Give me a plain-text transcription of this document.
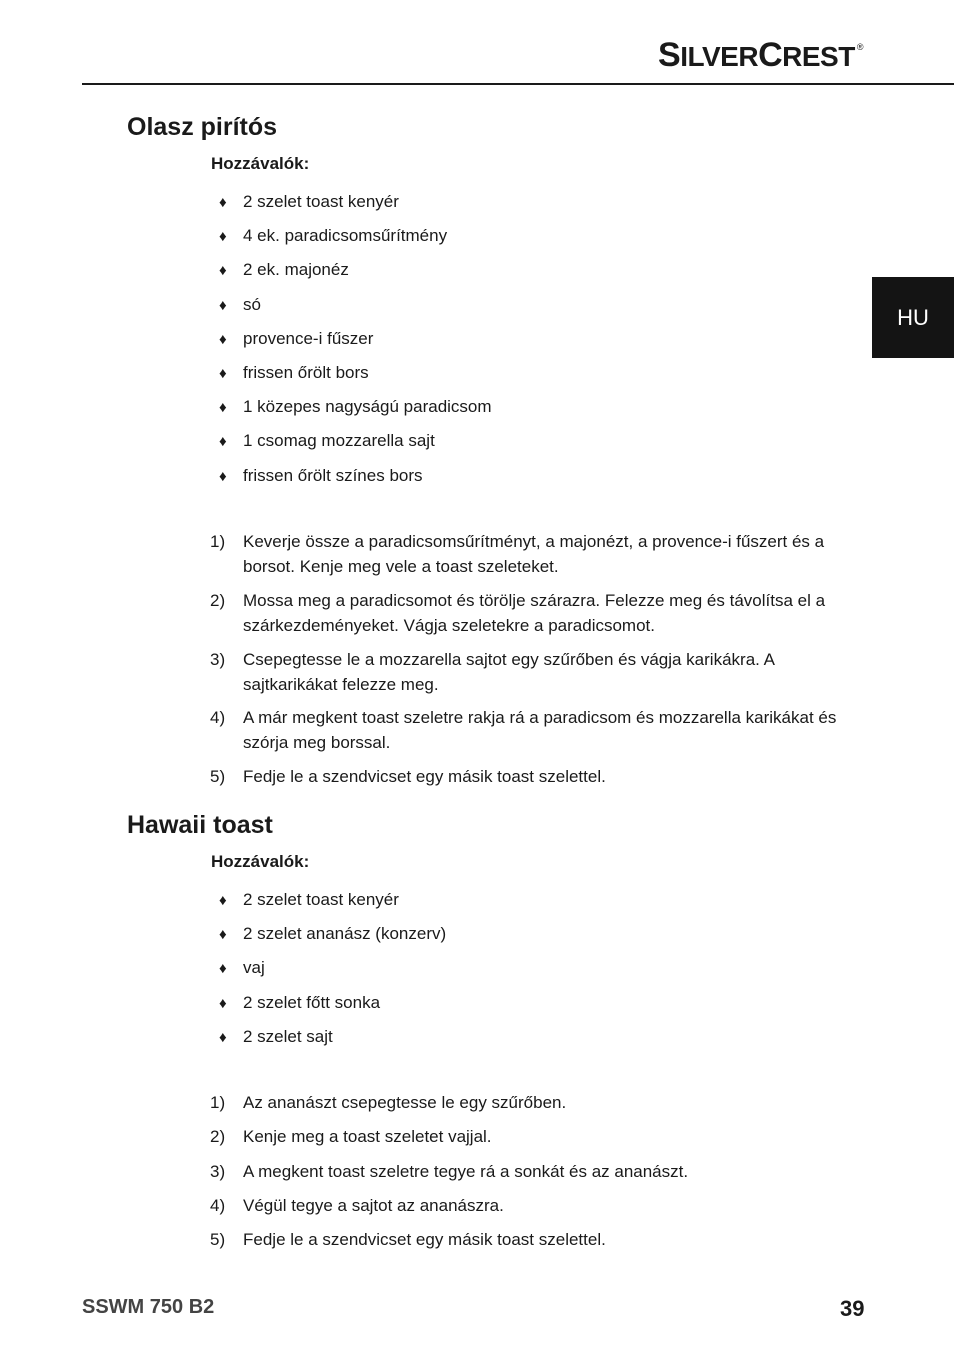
SILVERCREST ®
HU
Olasz pirítós

Hozzávalók:

♦ 2 szelet toast kenyér
♦ 4 ek. paradicsomsűrítmény
♦ 2 ek. majonéz
♦ só
♦ provence-i fűszer
♦ frissen őrölt bors
♦ 1 közepes nagyságú paradicsom
♦ 1 csomag mozzarella sajt
♦ frissen őrölt színes bors
1) Keverje össze a paradicsomsűrítményt, a majonézt, a provence-i fűszert és a borsot. Kenje meg vele a toast szeleteket.
2) Mossa meg a paradicsomot és törölje szárazra. Felezze meg és távolítsa el a szárkezdeményeket. Vágja szeletekre a paradicsomot.
3) Csepegtesse le a mozzarella sajtot egy szűrőben és vágja karikákra. A sajtkarikákat felezze meg.
4) A már megkent toast szeletre rakja rá a paradicsom és mozzarella karikákat és szórja meg borssal.
5) Fedje le a szendvicset egy másik toast szelettel.
Hawaii toast

Hozzávalók:

♦ 2 szelet toast kenyér
♦ 2 szelet ananász (konzerv)
♦ vaj
♦ 2 szelet főtt sonka
♦ 2 szelet sajt
1) Az ananászt csepegtesse le egy szűrőben.
2) Kenje meg a toast szeletet vajjal.
3) A megkent toast szeletre tegye rá a sonkát és az ananászt.
4) Végül tegye a sajtot az ananászra.
5) Fedje le a szendvicset egy másik toast szelettel.
SSWM 750 B2	39
